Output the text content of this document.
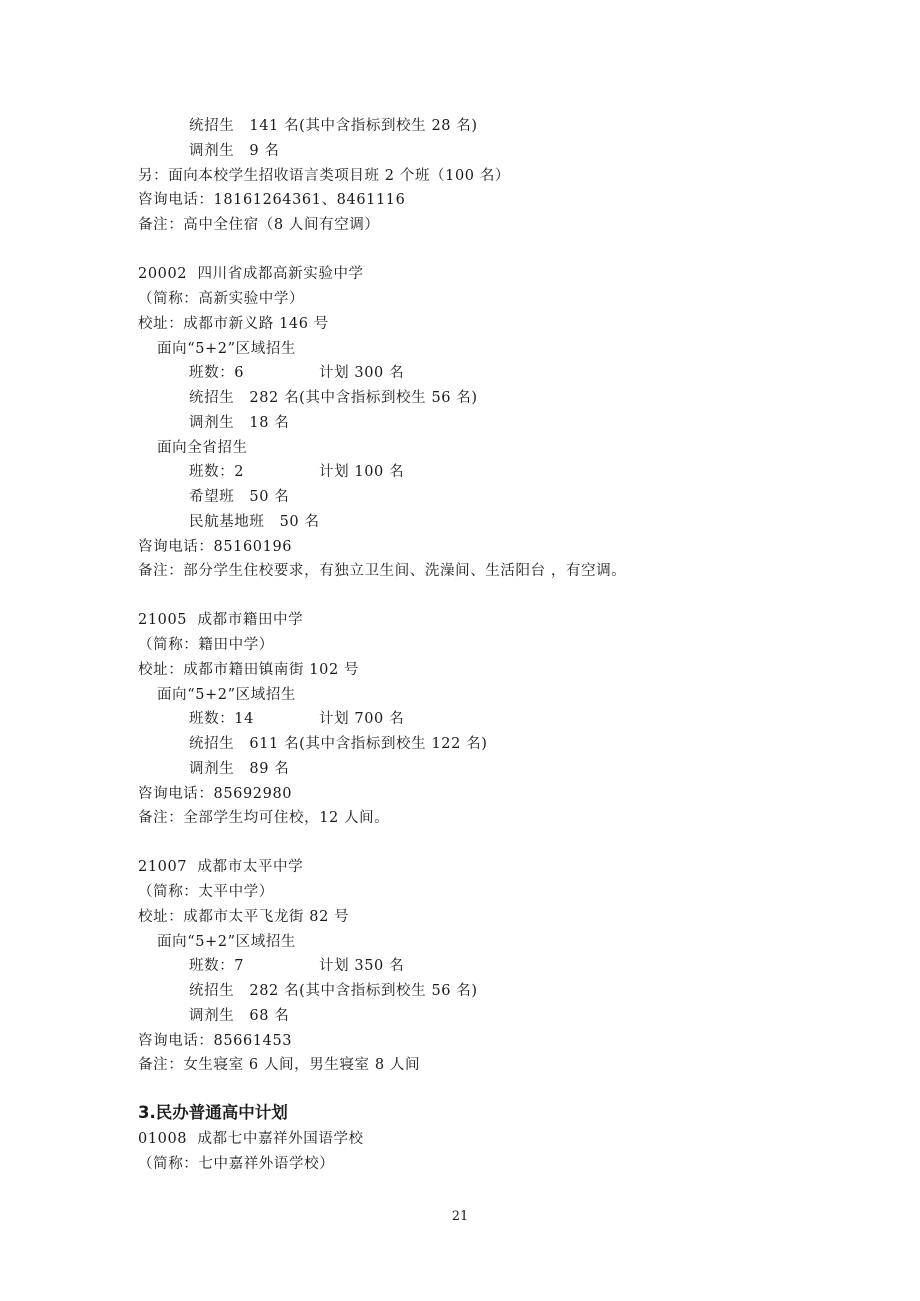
统招生　141 名(其中含指标到校生 28 名)
调剂生　9 名
另：面向本校学生招收语言类项目班 2 个班（100 名）
咨询电话：18161264361、8461116
备注：高中全住宿（8 人间有空调）
20002  四川省成都高新实验中学
（简称：高新实验中学）
校址：成都市新义路 146 号
面向“5+2”区域招生
班数：6	计划 300 名
统招生　282 名(其中含指标到校生 56 名)
调剂生　18 名
面向全省招生
班数：2	计划 100 名
希望班　50 名
民航基地班　50 名
咨询电话：85160196
备注：部分学生住校要求，有独立卫生间、洗澡间、生活阳台 ，有空调。
21005  成都市籍田中学
（简称：籍田中学）
校址：成都市籍田镇南街 102 号
面向“5+2”区域招生
班数：14	计划 700 名
统招生　611 名(其中含指标到校生 122 名)
调剂生　89 名
咨询电话：85692980
备注：全部学生均可住校，12 人间。
21007  成都市太平中学
（简称：太平中学）
校址：成都市太平飞龙街 82 号
面向“5+2”区域招生
班数：7	计划 350 名
统招生　282 名(其中含指标到校生 56 名)
调剂生　68 名
咨询电话：85661453
备注：女生寝室 6 人间，男生寝室 8 人间
3.民办普通高中计划
01008  成都七中嘉祥外国语学校
（简称：七中嘉祥外语学校）
21
